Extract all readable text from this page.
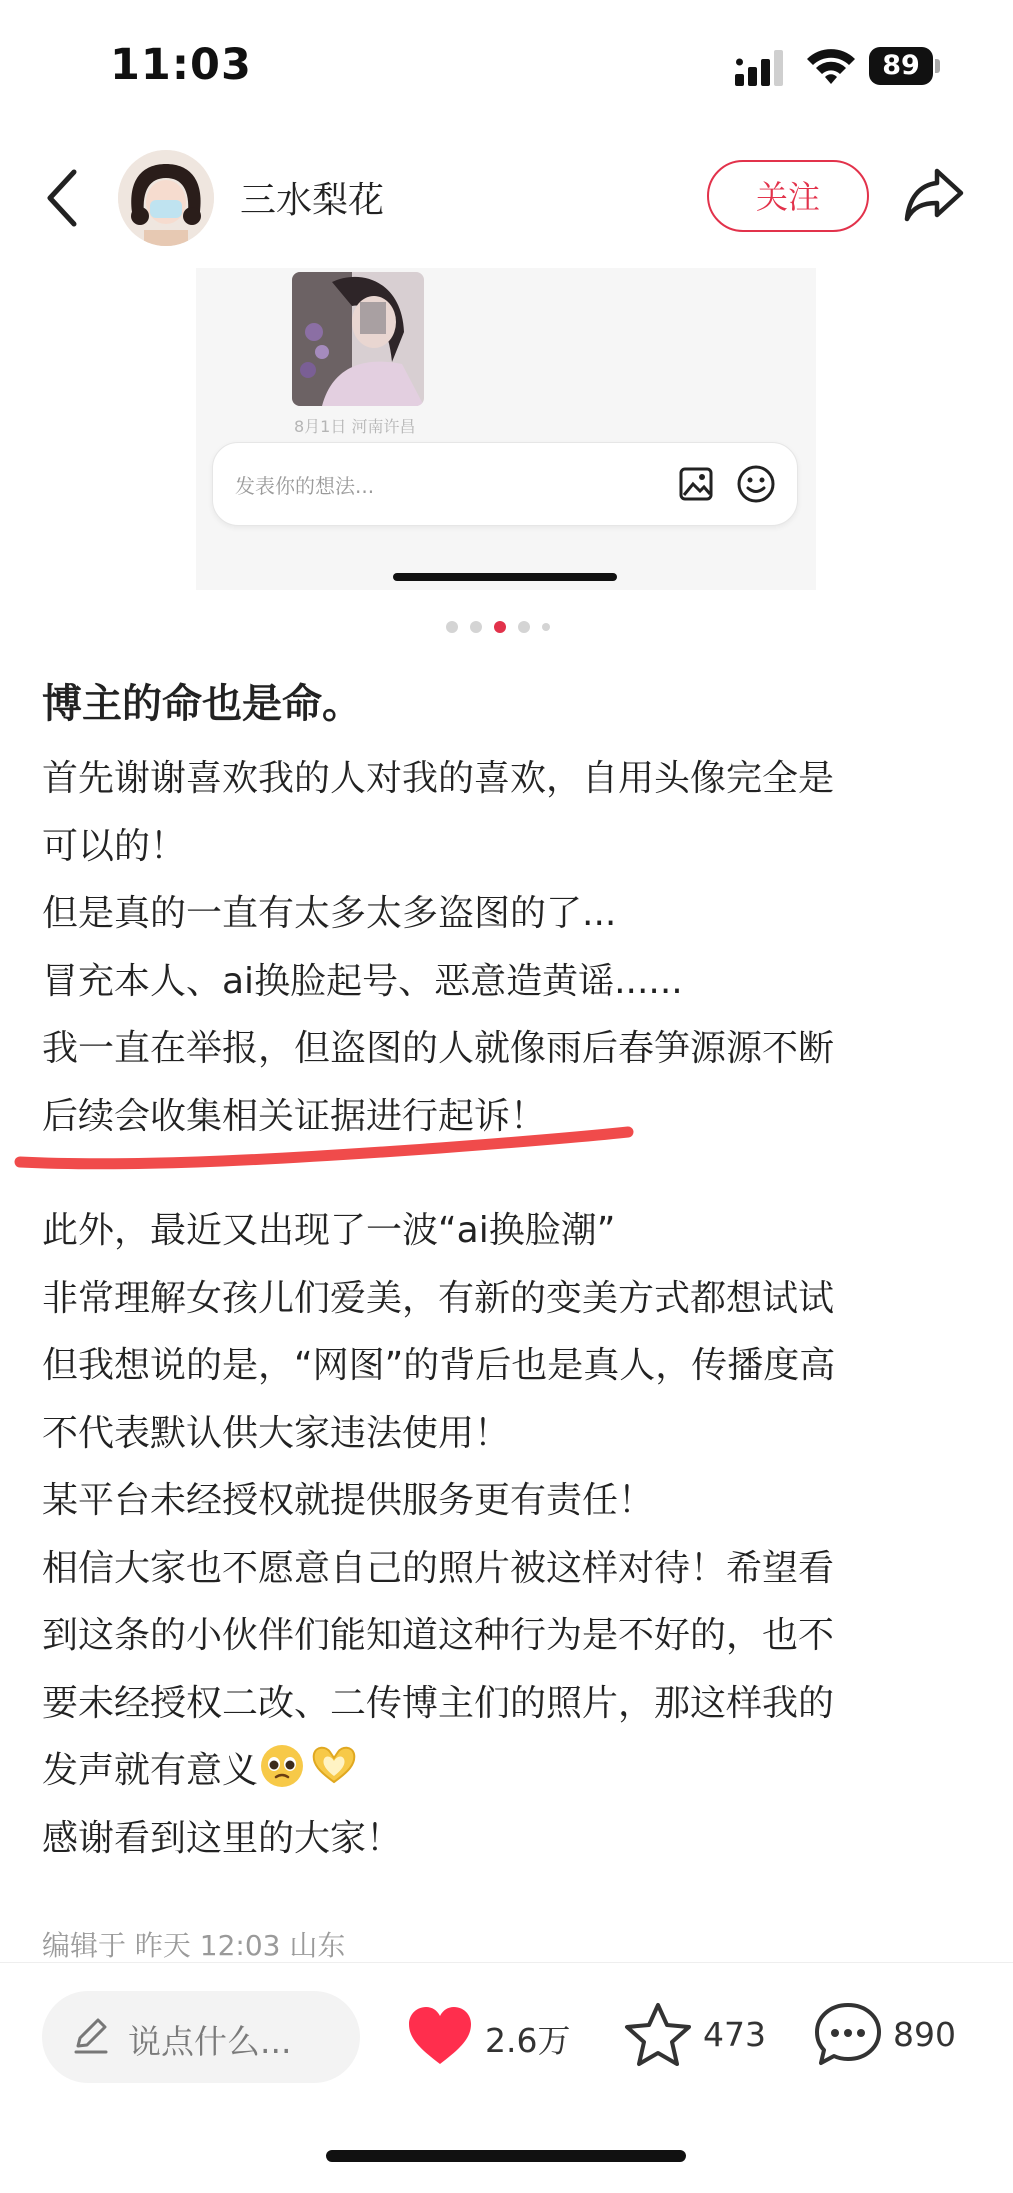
11:03	89
三水梨花	关注
8月1日 河南许昌
发表你的想法...
博主的命也是命。
首先谢谢喜欢我的人对我的喜欢，自用头像完全是
可以的！
但是真的一直有太多太多盗图的了...
冒充本人、ai换脸起号、恶意造黄谣......
我一直在举报，但盗图的人就像雨后春笋源源不断
后续会收集相关证据进行起诉！
此外，最近又出现了一波“ai换脸潮”
非常理解女孩儿们爱美，有新的变美方式都想试试
但我想说的是，“网图”的背后也是真人，传播度高
不代表默认供大家违法使用！
某平台未经授权就提供服务更有责任！
相信大家也不愿意自己的照片被这样对待！希望看
到这条的小伙伴们能知道这种行为是不好的，也不
要未经授权二改、二传博主们的照片，那这样我的
发声就有意义
感谢看到这里的大家！
编辑于 昨天 12:03 山东
说点什么...	2.6万	473	890
